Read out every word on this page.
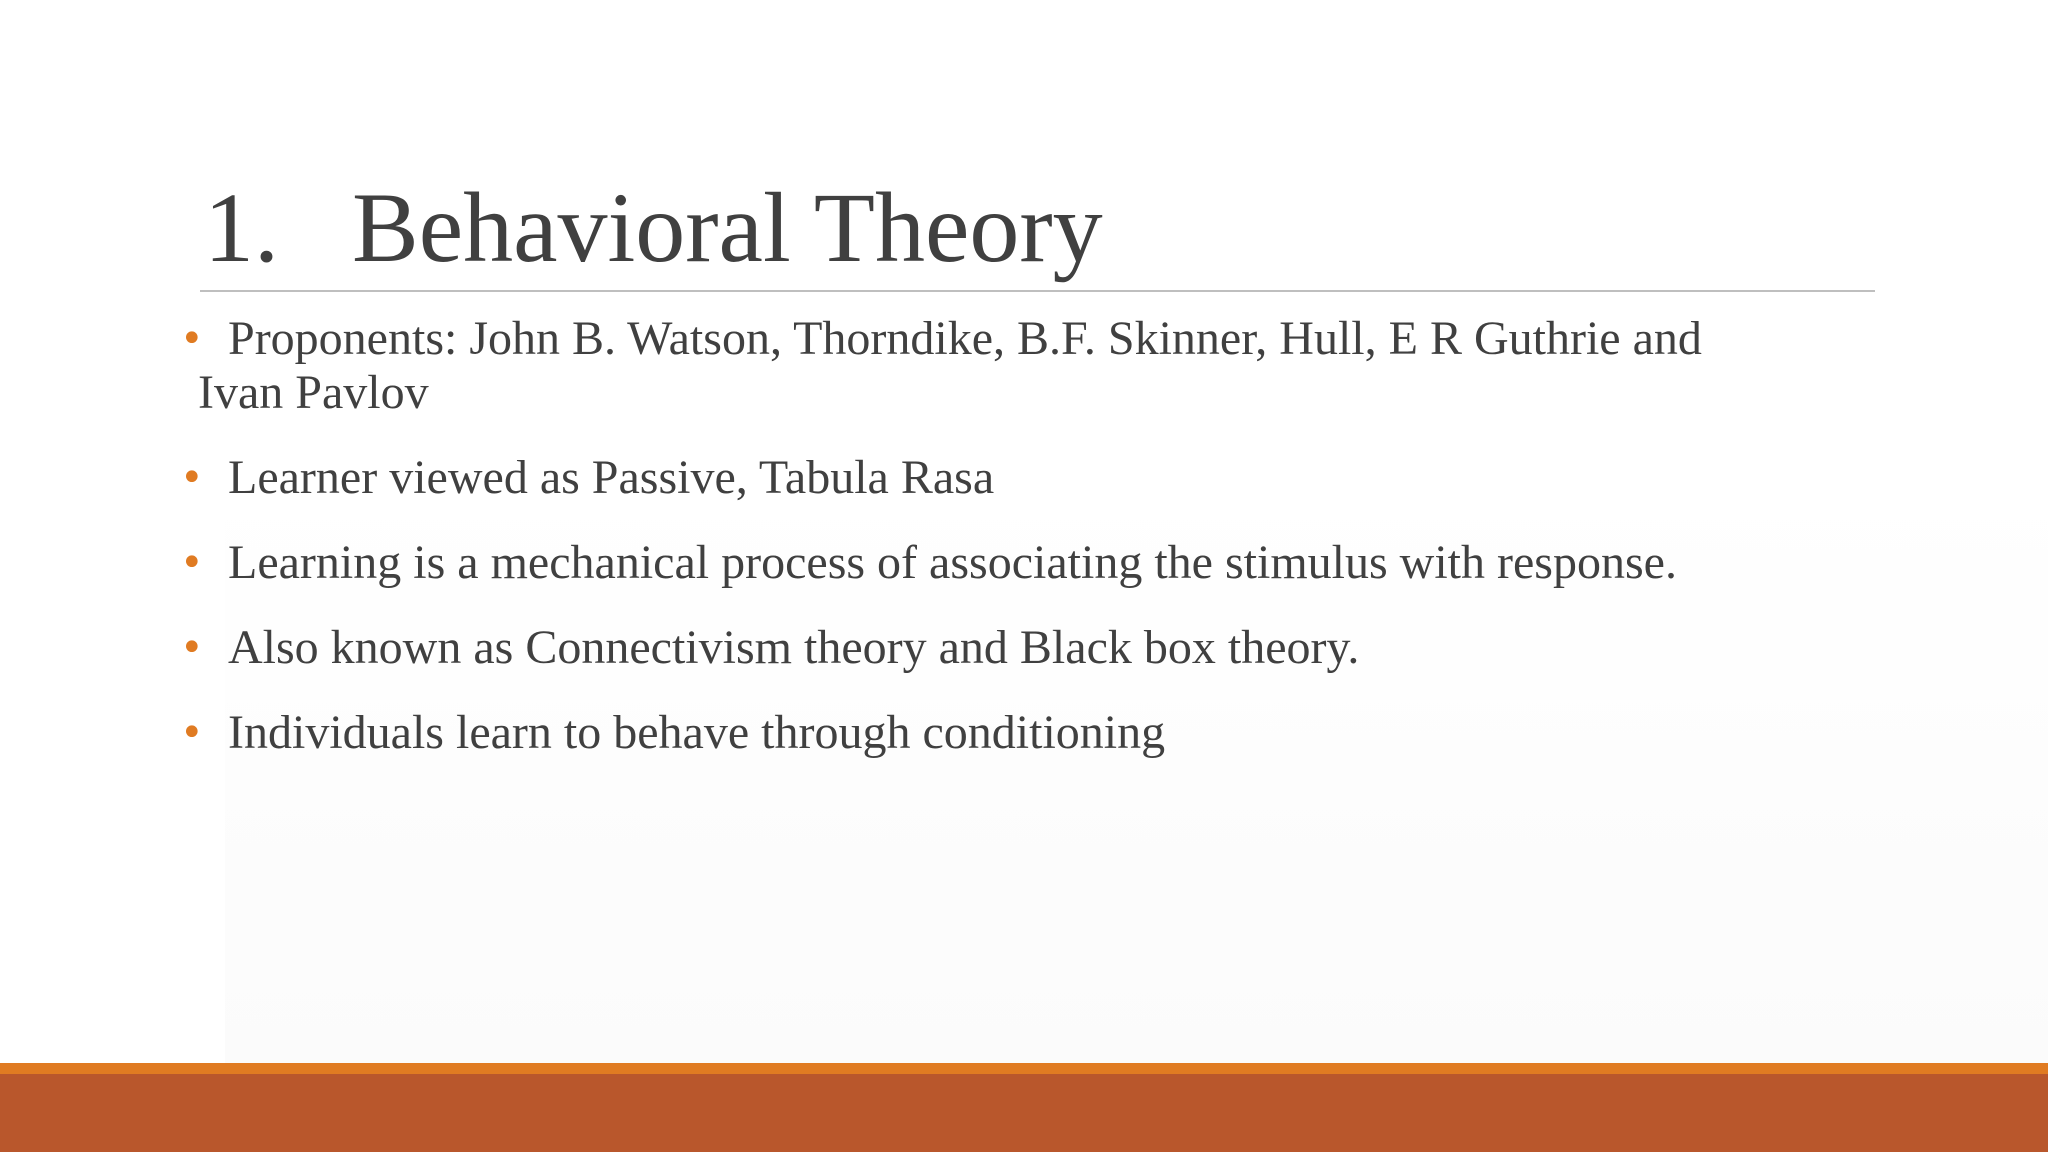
1. Behavioral Theory
• Proponents: John B. Watson, Thorndike, B.F. Skinner, Hull, E R Guthrie and
Ivan Pavlov
• Learner viewed as Passive, Tabula Rasa
• Learning is a mechanical process of associating the stimulus with response.
• Also known as Connectivism theory and Black box theory.
• Individuals learn to behave through conditioning
